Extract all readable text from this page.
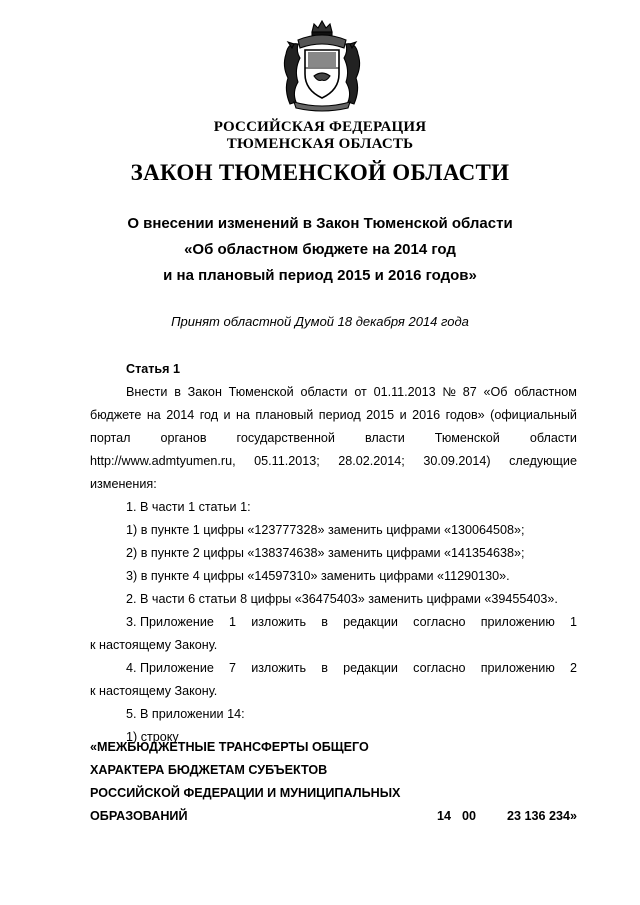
РОССИЙСКАЯ ФЕДЕРАЦИЯ
ТЮМЕНСКАЯ ОБЛАСТЬ
ЗАКОН ТЮМЕНСКОЙ ОБЛАСТИ
О внесении изменений в Закон Тюменской области
«Об областном бюджете на 2014 год
и на плановый период 2015 и 2016 годов»
Принят областной Думой 18 декабря 2014 года
Статья 1
Внести в Закон Тюменской области от 01.11.2013 № 87 «Об областном
бюджете на 2014 год и на плановый период 2015 и 2016 годов» (официальный
портал органов государственной власти Тюменской области
http://www.admtyumen.ru, 05.11.2013; 28.02.2014; 30.09.2014) следующие
изменения:
1. В части 1 статьи 1:
1) в пункте 1 цифры «123777328» заменить цифрами «130064508»;
2) в пункте 2 цифры «138374638» заменить цифрами «141354638»;
3) в пункте 4 цифры «14597310» заменить цифрами «11290130».
2. В части 6 статьи 8 цифры «36475403» заменить цифрами «39455403».
3. Приложение 1 изложить в редакции согласно приложению 1
к настоящему Закону.
4. Приложение 7 изложить в редакции согласно приложению 2
к настоящему Закону.
5. В приложении 14:
1) строку
«МЕЖБЮДЖЕТНЫЕ ТРАНСФЕРТЫ ОБЩЕГО
ХАРАКТЕРА БЮДЖЕТАМ СУБЪЕКТОВ
РОССИЙСКОЙ ФЕДЕРАЦИИ И МУНИЦИПАЛЬНЫХ
ОБРАЗОВАНИЙ	14 00 23 136 234»
